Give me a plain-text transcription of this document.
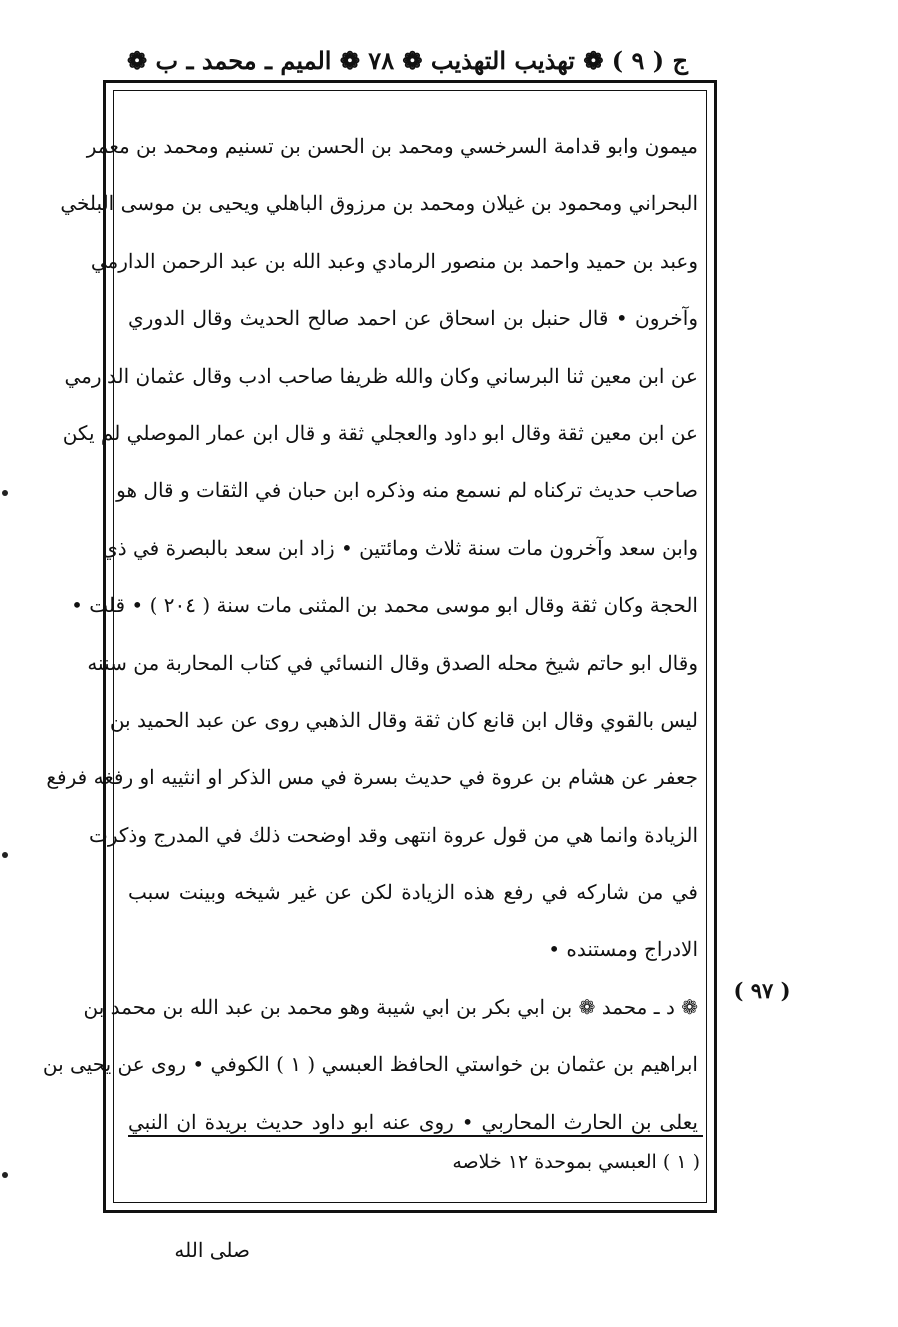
ج ( ٩ ) ❁ تهذيب التهذيب ❁ ٧٨ ❁ الميم ـ محمد ـ ب ❁
ميمون وابو قدامة السرخسي ومحمد بن الحسن بن تسنيم ومحمد بن معمر
البحراني ومحمود بن غيلان ومحمد بن مرزوق الباهلي ويحيى بن موسى البلخي
وعبد بن حميد واحمد بن منصور الرمادي وعبد الله بن عبد الرحمن الدارمي
وآخرون • قال حنبل بن اسحاق عن احمد صالح الحديث وقال الدوري
عن ابن معين ثنا البرساني وكان والله ظريفا صاحب ادب وقال عثمان الدارمي
عن ابن معين ثقة وقال ابو داود والعجلي ثقة و قال ابن عمار الموصلي لم يكن
صاحب حديث تركناه لم نسمع منه وذكره ابن حبان في الثقات و قال هو
وابن سعد وآخرون مات سنة ثلاث ومائتين • زاد ابن سعد بالبصرة في ذي
الحجة وكان ثقة وقال ابو موسى محمد بن المثنى مات سنة ( ٢٠٤ ) • قلت •
وقال ابو حاتم شيخ محله الصدق وقال النسائي في كتاب المحاربة من سننه
ليس بالقوي وقال ابن قانع كان ثقة وقال الذهبي روى عن عبد الحميد بن
جعفر عن هشام بن عروة في حديث بسرة في مس الذكر او انثييه او رفغه فرفع
الزيادة وانما هي من قول عروة انتهى وقد اوضحت ذلك في المدرج وذكرت
في من شاركه في رفع هذه الزيادة لكن عن غير شيخه وبينت سبب
الادراج ومستنده •
❁ د ـ محمد ❁ بن ابي بكر بن ابي شيبة وهو محمد بن عبد الله بن محمد بن
ابراهيم بن عثمان بن خواستي الحافظ العبسي ( ١ ) الكوفي • روى عن يحيى بن
يعلى بن الحارث المحاربي • روى عنه ابو داود حديث بريدة ان النبي
( ٩٧ )
( ١ ) العبسي بموحدة ١٢ خلاصه
صلى الله
